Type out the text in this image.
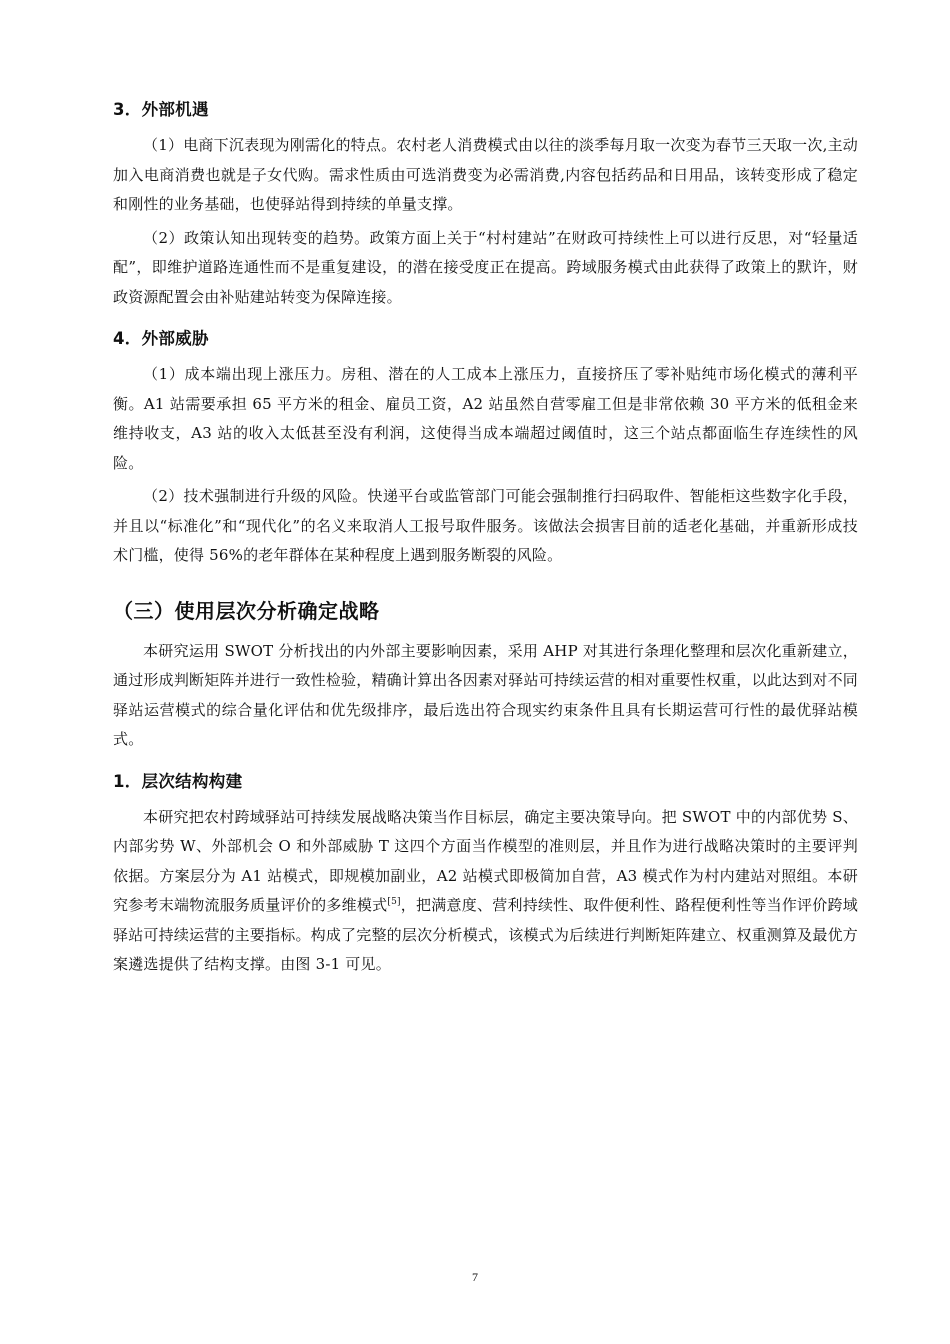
3．外部机遇

（1）电商下沉表现为刚需化的特点。农村老人消费模式由以往的淡季每月取一次变为春节三天取一次,主动加入电商消费也就是子女代购。需求性质由可选消费变为必需消费,内容包括药品和日用品，该转变形成了稳定和刚性的业务基础，也使驿站得到持续的单量支撑。

（2）政策认知出现转变的趋势。政策方面上关于“村村建站”在财政可持续性上可以进行反思，对“轻量适配”，即维护道路连通性而不是重复建设，的潜在接受度正在提高。跨域服务模式由此获得了政策上的默许，财政资源配置会由补贴建站转变为保障连接。

4．外部威胁

（1）成本端出现上涨压力。房租、潜在的人工成本上涨压力，直接挤压了零补贴纯市场化模式的薄利平衡。A1 站需要承担 65 平方米的租金、雇员工资，A2 站虽然自营零雇工但是非常依赖 30 平方米的低租金来维持收支，A3 站的收入太低甚至没有利润，这使得当成本端超过阈值时，这三个站点都面临生存连续性的风险。

（2）技术强制进行升级的风险。快递平台或监管部门可能会强制推行扫码取件、智能柜这些数字化手段，并且以“标准化”和“现代化”的名义来取消人工报号取件服务。该做法会损害目前的适老化基础，并重新形成技术门槛，使得 56%的老年群体在某种程度上遇到服务断裂的风险。

（三）使用层次分析确定战略

本研究运用 SWOT 分析找出的内外部主要影响因素，采用 AHP 对其进行条理化整理和层次化重新建立，通过形成判断矩阵并进行一致性检验，精确计算出各因素对驿站可持续运营的相对重要性权重，以此达到对不同驿站运营模式的综合量化评估和优先级排序，最后选出符合现实约束条件且具有长期运营可行性的最优驿站模式。

1．层次结构构建

本研究把农村跨域驿站可持续发展战略决策当作目标层，确定主要决策导向。把 SWOT 中的内部优势 S、内部劣势 W、外部机会 O 和外部威胁 T 这四个方面当作模型的准则层，并且作为进行战略决策时的主要评判依据。方案层分为 A1 站模式，即规模加副业，A2 站模式即极简加自营，A3 模式作为村内建站对照组。本研究参考末端物流服务质量评价的多维模式[5]，把满意度、营利持续性、取件便利性、路程便利性等当作评价跨域驿站可持续运营的主要指标。构成了完整的层次分析模式，该模式为后续进行判断矩阵建立、权重测算及最优方案遴选提供了结构支撑。由图 3-1 可见。

7
